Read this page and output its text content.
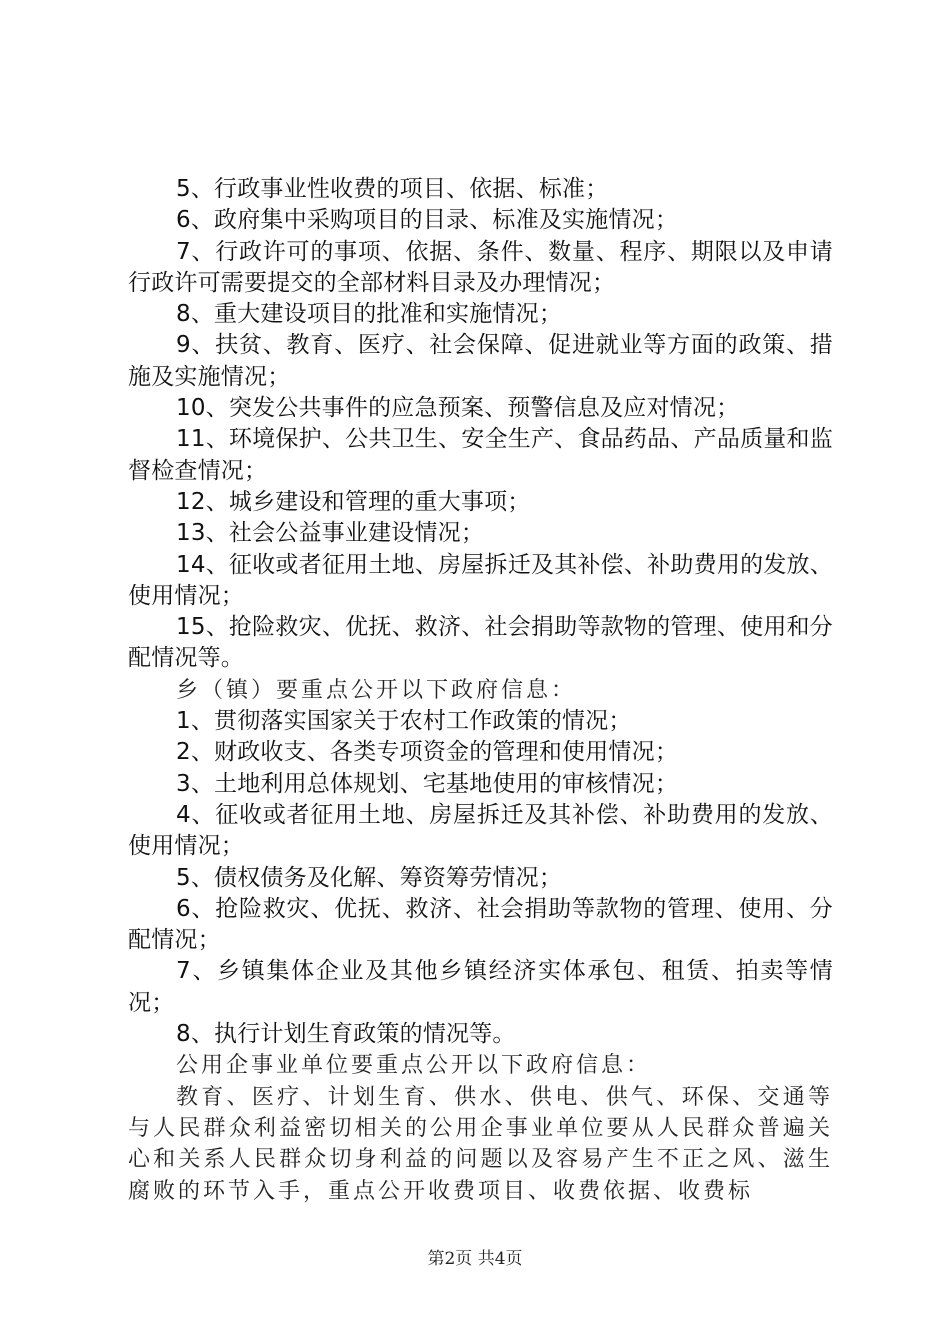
5、行政事业性收费的项目、依据、标准；

6、政府集中采购项目的目录、标准及实施情况；

7、行政许可的事项、依据、条件、数量、程序、期限以及申请行政许可需要提交的全部材料目录及办理情况；

8、重大建设项目的批准和实施情况；

9、扶贫、教育、医疗、社会保障、促进就业等方面的政策、措施及实施情况；

10、突发公共事件的应急预案、预警信息及应对情况；

11、环境保护、公共卫生、安全生产、食品药品、产品质量和监督检查情况；

12、城乡建设和管理的重大事项；

13、社会公益事业建设情况；

14、征收或者征用土地、房屋拆迁及其补偿、补助费用的发放、使用情况；

15、抢险救灾、优抚、救济、社会捐助等款物的管理、使用和分配情况等。

乡（镇）要重点公开以下政府信息：

1、贯彻落实国家关于农村工作政策的情况；

2、财政收支、各类专项资金的管理和使用情况；

3、土地利用总体规划、宅基地使用的审核情况；

4、征收或者征用土地、房屋拆迁及其补偿、补助费用的发放、使用情况；

5、债权债务及化解、筹资筹劳情况；

6、抢险救灾、优抚、救济、社会捐助等款物的管理、使用、分配情况；

7、乡镇集体企业及其他乡镇经济实体承包、租赁、拍卖等情况；

8、执行计划生育政策的情况等。

公用企事业单位要重点公开以下政府信息：

教育、医疗、计划生育、供水、供电、供气、环保、交通等与人民群众利益密切相关的公用企事业单位要从人民群众普遍关心和关系人民群众切身利益的问题以及容易产生不正之风、滋生腐败的环节入手，重点公开收费项目、收费依据、收费标

第2页 共4页
